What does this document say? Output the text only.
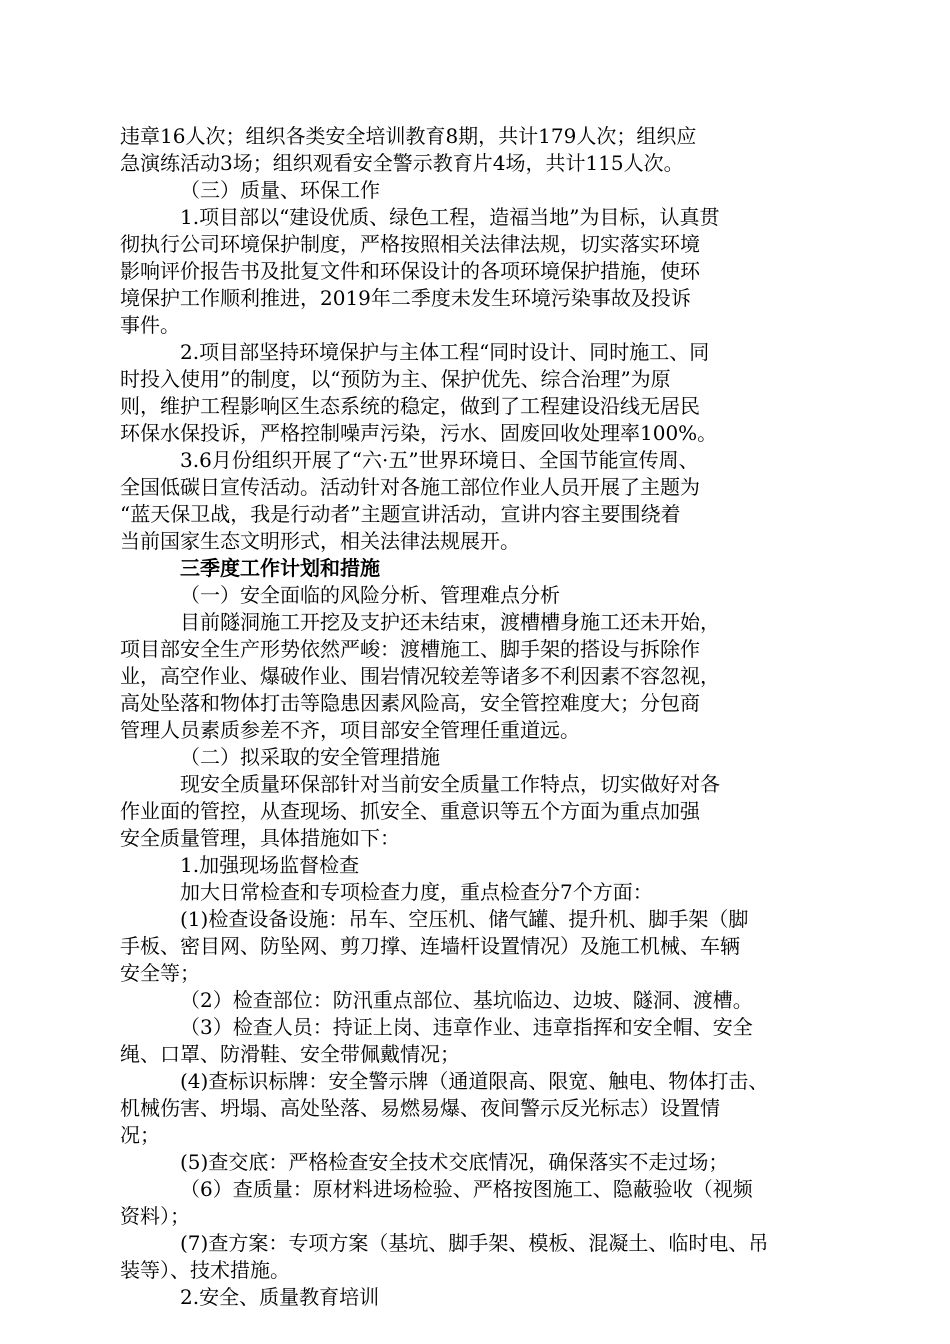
违章16人次；组织各类安全培训教育8期，共计179人次；组织应
急演练活动3场；组织观看安全警示教育片4场，共计115人次。
（三）质量、环保工作
1.项目部以“建设优质、绿色工程，造福当地”为目标，认真贯
彻执行公司环境保护制度，严格按照相关法律法规，切实落实环境
影响评价报告书及批复文件和环保设计的各项环境保护措施，使环
境保护工作顺利推进，2019年二季度未发生环境污染事故及投诉
事件。
2.项目部坚持环境保护与主体工程“同时设计、同时施工、同
时投入使用”的制度，以“预防为主、保护优先、综合治理”为原
则，维护工程影响区生态系统的稳定，做到了工程建设沿线无居民
环保水保投诉，严格控制噪声污染，污水、固废回收处理率100%。
3.6月份组织开展了“六·五”世界环境日、全国节能宣传周、
全国低碳日宣传活动。活动针对各施工部位作业人员开展了主题为
“蓝天保卫战，我是行动者”主题宣讲活动，宣讲内容主要围绕着
当前国家生态文明形式，相关法律法规展开。
三季度工作计划和措施
（一）安全面临的风险分析、管理难点分析
目前隧洞施工开挖及支护还未结束，渡槽槽身施工还未开始，
项目部安全生产形势依然严峻：渡槽施工、脚手架的搭设与拆除作
业，高空作业、爆破作业、围岩情况较差等诸多不利因素不容忽视，
高处坠落和物体打击等隐患因素风险高，安全管控难度大；分包商
管理人员素质参差不齐，项目部安全管理任重道远。
（二）拟采取的安全管理措施
现安全质量环保部针对当前安全质量工作特点，切实做好对各
作业面的管控，从查现场、抓安全、重意识等五个方面为重点加强
安全质量管理，具体措施如下：
1.加强现场监督检查
加大日常检查和专项检查力度，重点检查分7个方面：
(1)检查设备设施：吊车、空压机、储气罐、提升机、脚手架（脚
手板、密目网、防坠网、剪刀撑、连墙杆设置情况）及施工机械、车辆
安全等；
（2）检查部位：防汛重点部位、基坑临边、边坡、隧洞、渡槽。
（3）检查人员：持证上岗、违章作业、违章指挥和安全帽、安全
绳、口罩、防滑鞋、安全带佩戴情况；
(4)查标识标牌：安全警示牌（通道限高、限宽、触电、物体打击、
机械伤害、坍塌、高处坠落、易燃易爆、夜间警示反光标志）设置情
况；
(5)查交底：严格检查安全技术交底情况，确保落实不走过场；
（6）查质量：原材料进场检验、严格按图施工、隐蔽验收（视频
资料）；
(7)查方案：专项方案（基坑、脚手架、模板、混凝土、临时电、吊
装等）、技术措施。
2.安全、质量教育培训
